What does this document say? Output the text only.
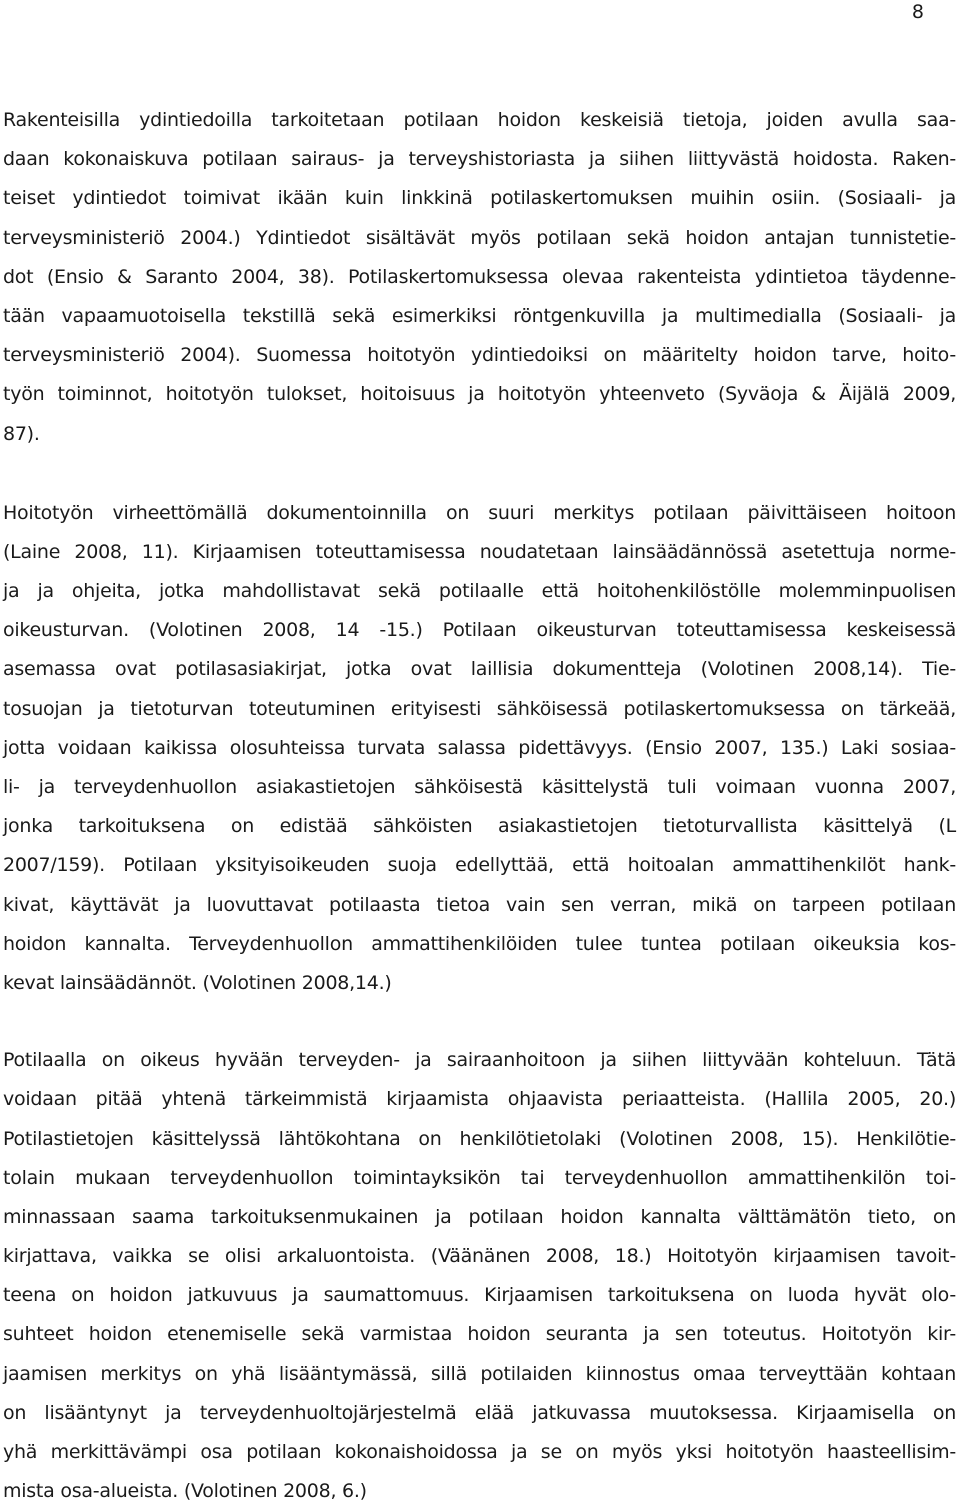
8
Rakenteisilla ydintiedoilla tarkoitetaan potilaan hoidon keskeisiä tietoja, joiden avulla saa-
daan kokonaiskuva potilaan sairaus- ja terveyshistoriasta ja siihen liittyvästä hoidosta. Raken-
teiset ydintiedot toimivat ikään kuin linkkinä potilaskertomuksen muihin osiin. (Sosiaali- ja
terveysministeriö 2004.) Ydintiedot sisältävät myös potilaan sekä hoidon antajan tunnistetie-
dot (Ensio & Saranto 2004, 38). Potilaskertomuksessa olevaa rakenteista ydintietoa täydenne-
tään vapaamuotoisella tekstillä sekä esimerkiksi röntgenkuvilla ja multimedialla (Sosiaali- ja
terveysministeriö 2004). Suomessa hoitotyön ydintiedoiksi on määritelty hoidon tarve, hoito-
työn toiminnot, hoitotyön tulokset, hoitoisuus ja hoitotyön yhteenveto (Syväoja & Äijälä 2009,
87).
Hoitotyön virheettömällä dokumentoinnilla on suuri merkitys potilaan päivittäiseen hoitoon
(Laine 2008, 11). Kirjaamisen toteuttamisessa noudatetaan lainsäädännössä asetettuja norme-
ja ja ohjeita, jotka mahdollistavat sekä potilaalle että hoitohenkilöstölle molemminpuolisen
oikeusturvan. (Volotinen 2008, 14 -15.) Potilaan oikeusturvan toteuttamisessa keskeisessä
asemassa ovat potilasasiakirjat, jotka ovat laillisia dokumentteja (Volotinen 2008,14). Tie-
tosuojan ja tietoturvan toteutuminen erityisesti sähköisessä potilaskertomuksessa on tärkeää,
jotta voidaan kaikissa olosuhteissa turvata salassa pidettävyys. (Ensio 2007, 135.) Laki sosiaa-
li- ja terveydenhuollon asiakastietojen sähköisestä käsittelystä tuli voimaan vuonna 2007,
jonka tarkoituksena on edistää sähköisten asiakastietojen tietoturvallista käsittelyä (L
2007/159). Potilaan yksityisoikeuden suoja edellyttää, että hoitoalan ammattihenkilöt hank-
kivat, käyttävät ja luovuttavat potilaasta tietoa vain sen verran, mikä on tarpeen potilaan
hoidon kannalta. Terveydenhuollon ammattihenkilöiden tulee tuntea potilaan oikeuksia kos-
kevat lainsäädännöt. (Volotinen 2008,14.)
Potilaalla on oikeus hyvään terveyden- ja sairaanhoitoon ja siihen liittyvään kohteluun. Tätä
voidaan pitää yhtenä tärkeimmistä kirjaamista ohjaavista periaatteista. (Hallila 2005, 20.)
Potilastietojen käsittelyssä lähtökohtana on henkilötietolaki (Volotinen 2008, 15). Henkilötie-
tolain mukaan terveydenhuollon toimintayksikön tai terveydenhuollon ammattihenkilön toi-
minnassaan saama tarkoituksenmukainen ja potilaan hoidon kannalta välttämätön tieto, on
kirjattava, vaikka se olisi arkaluontoista. (Väänänen 2008, 18.) Hoitotyön kirjaamisen tavoit-
teena on hoidon jatkuvuus ja saumattomuus. Kirjaamisen tarkoituksena on luoda hyvät olo-
suhteet hoidon etenemiselle sekä varmistaa hoidon seuranta ja sen toteutus. Hoitotyön kir-
jaamisen merkitys on yhä lisääntymässä, sillä potilaiden kiinnostus omaa terveyttään kohtaan
on lisääntynyt ja terveydenhuoltojärjestelmä elää jatkuvassa muutoksessa. Kirjaamisella on
yhä merkittävämpi osa potilaan kokonaishoidossa ja se on myös yksi hoitotyön haasteellisim-
mista osa-alueista. (Volotinen 2008, 6.)
